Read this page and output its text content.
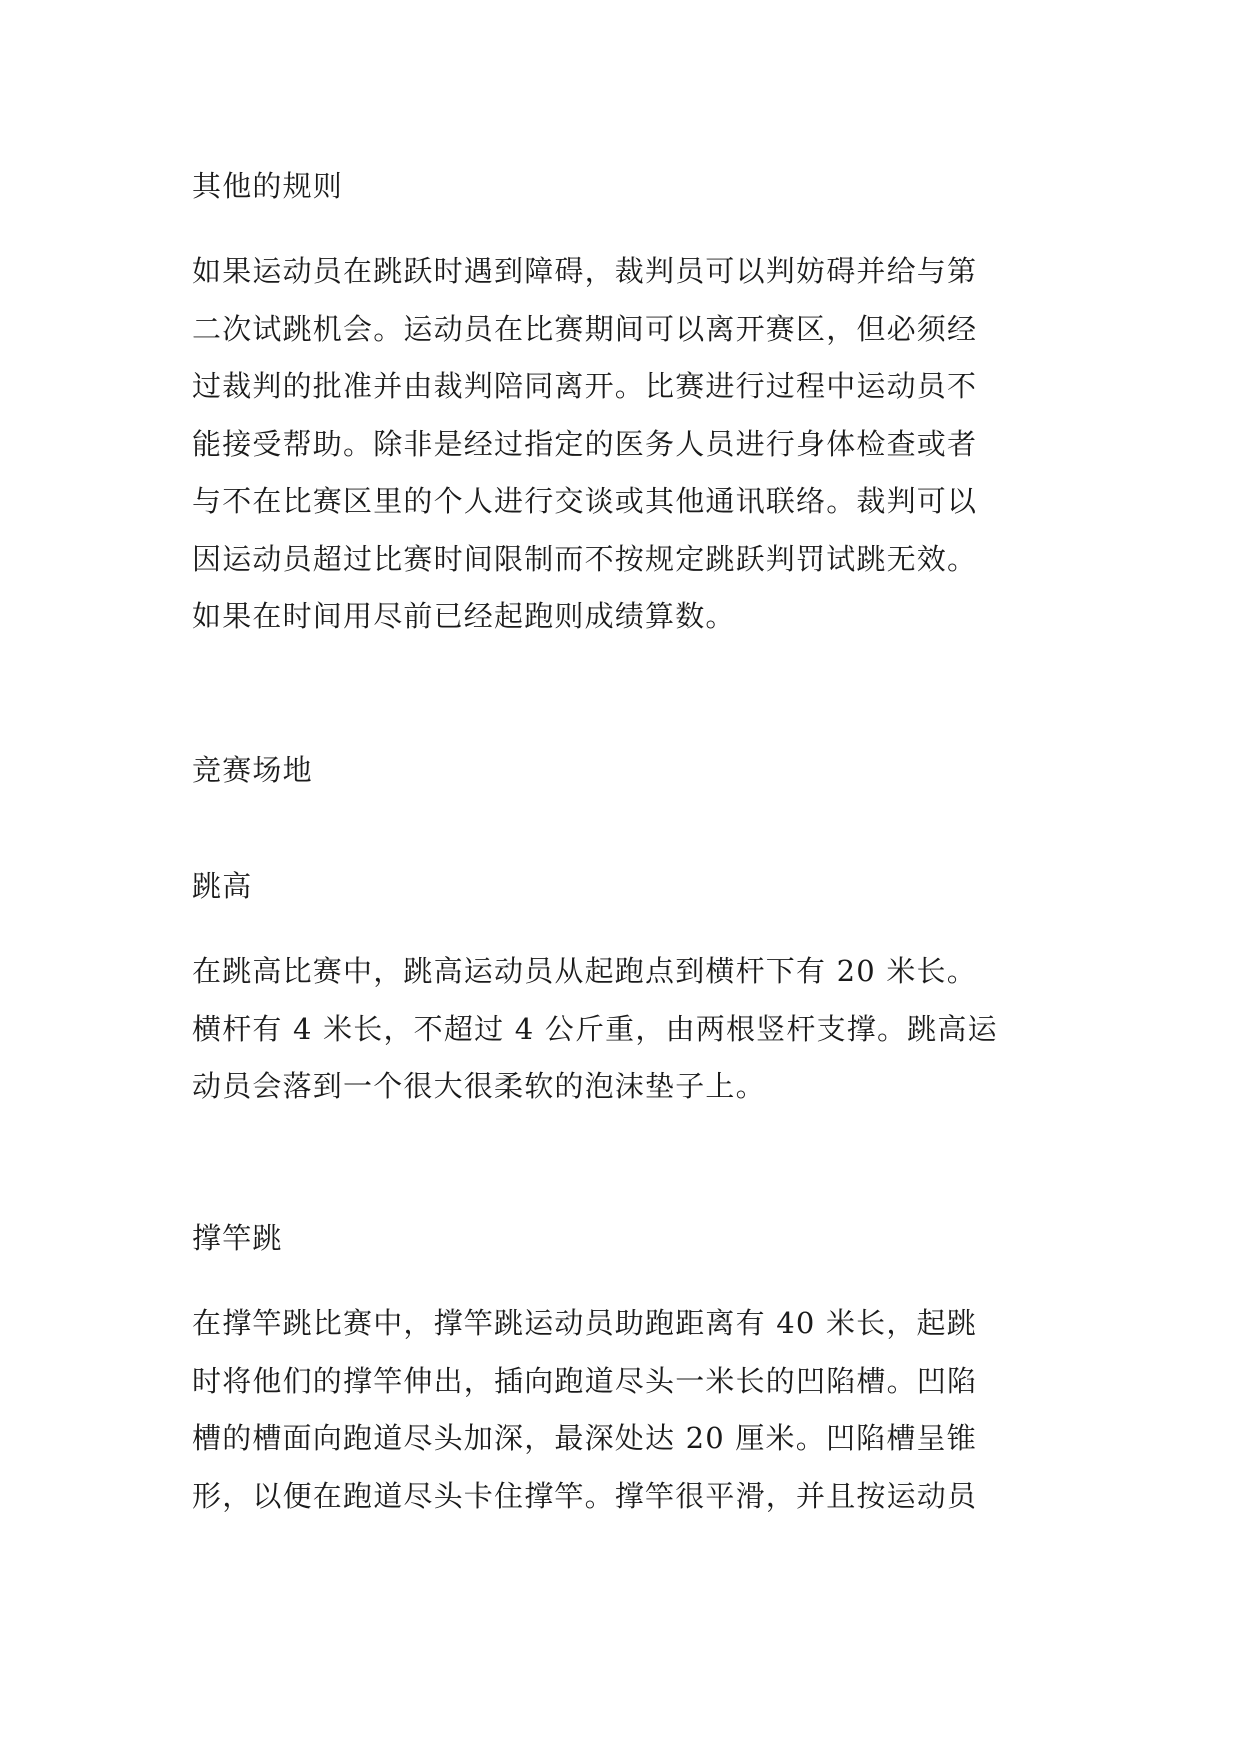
其他的规则
如果运动员在跳跃时遇到障碍，裁判员可以判妨碍并给与第
二次试跳机会。运动员在比赛期间可以离开赛区，但必须经
过裁判的批准并由裁判陪同离开。比赛进行过程中运动员不
能接受帮助。除非是经过指定的医务人员进行身体检查或者
与不在比赛区里的个人进行交谈或其他通讯联络。裁判可以
因运动员超过比赛时间限制而不按规定跳跃判罚试跳无效。
如果在时间用尽前已经起跑则成绩算数。
竞赛场地
跳高
在跳高比赛中，跳高运动员从起跑点到横杆下有 20 米长。
横杆有 4 米长，不超过 4 公斤重，由两根竖杆支撑。跳高运
动员会落到一个很大很柔软的泡沫垫子上。
撑竿跳
在撑竿跳比赛中，撑竿跳运动员助跑距离有 40 米长，起跳
时将他们的撑竿伸出，插向跑道尽头一米长的凹陷槽。凹陷
槽的槽面向跑道尽头加深，最深处达 20 厘米。凹陷槽呈锥
形，以便在跑道尽头卡住撑竿。撑竿很平滑，并且按运动员
